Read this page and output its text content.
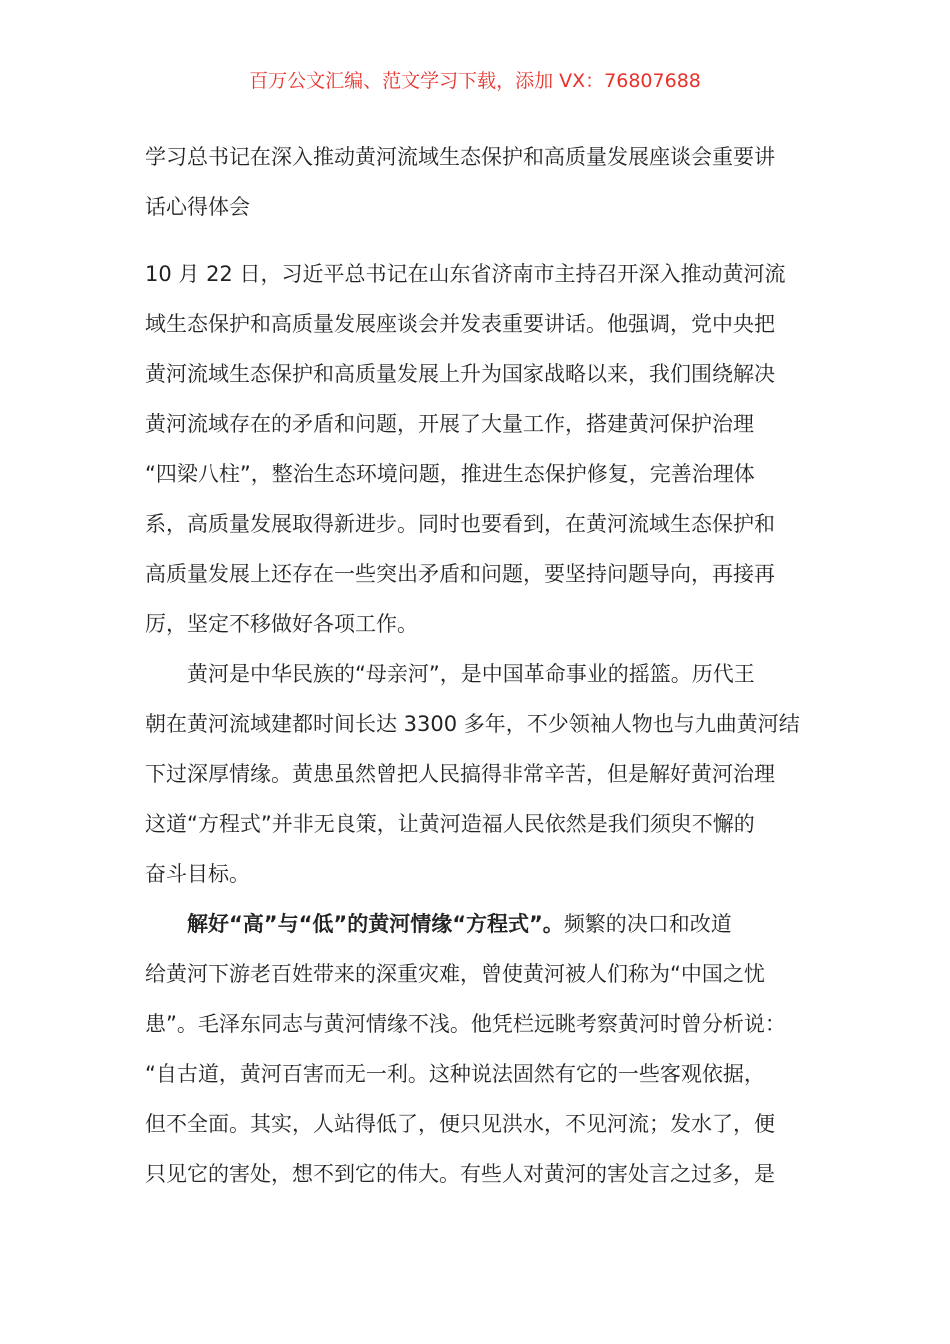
百万公文汇编、范文学习下载，添加 VX：76807688
学习总书记在深入推动黄河流域生态保护和高质量发展座谈会重要讲
话心得体会
10 月 22 日，习近平总书记在山东省济南市主持召开深入推动黄河流
域生态保护和高质量发展座谈会并发表重要讲话。他强调，党中央把
黄河流域生态保护和高质量发展上升为国家战略以来，我们围绕解决
黄河流域存在的矛盾和问题，开展了大量工作，搭建黄河保护治理
“四梁八柱”，整治生态环境问题，推进生态保护修复，完善治理体
系，高质量发展取得新进步。同时也要看到，在黄河流域生态保护和
高质量发展上还存在一些突出矛盾和问题，要坚持问题导向，再接再
厉，坚定不移做好各项工作。
黄河是中华民族的“母亲河”，是中国革命事业的摇篮。历代王
朝在黄河流域建都时间长达 3300 多年，不少领袖人物也与九曲黄河结
下过深厚情缘。黄患虽然曾把人民搞得非常辛苦，但是解好黄河治理
这道“方程式”并非无良策，让黄河造福人民依然是我们须臾不懈的
奋斗目标。
解好“高”与“低”的黄河情缘“方程式”。频繁的决口和改道
给黄河下游老百姓带来的深重灾难，曾使黄河被人们称为“中国之忧
患”。毛泽东同志与黄河情缘不浅。他凭栏远眺考察黄河时曾分析说：
“自古道，黄河百害而无一利。这种说法固然有它的一些客观依据，
但不全面。其实，人站得低了，便只见洪水，不见河流；发水了，便
只见它的害处，想不到它的伟大。有些人对黄河的害处言之过多，是
